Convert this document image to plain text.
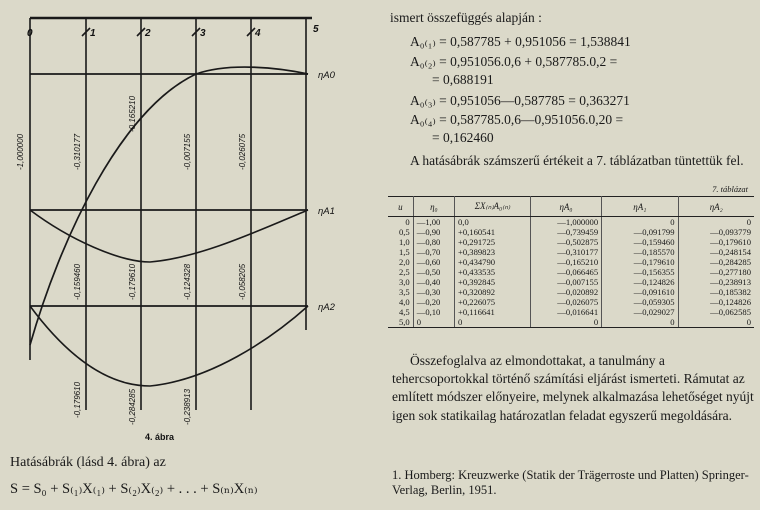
0	1	2	3	4	5
ηA0
ηA1
ηA2
-1,000000	-0,310177
-0,165210
-0,007155	-0,026075
-0,159460	-0,179610	-0,124328	-0,058205
-0,179610	-0,284285	-0,238913
4. ábra
Hatásábrák (lásd 4. ábra) az
S = S₀ + S₍₁₎X₍₁₎ + S₍₂₎X₍₂₎ + . . . + S₍ₙ₎X₍ₙ₎
ismert összefüggés alapján :
A₀₍₁₎ = 0,587785 + 0,951056 = 1,538841
A₀₍₂₎ = 0,951056.0,6 + 0,587785.0,2 =
= 0,688191
A₀₍₃₎ = 0,951056—0,587785 = 0,363271
A₀₍₄₎ = 0,587785.0,6—0,951056.0,20 =
= 0,162460
A hatásábrák számszerű értékeit a 7. táblázatban tüntettük fel.
7. táblázat
u	η₀	ΣX₍ₙ₎A₀₍ₙ₎	ηA₀	ηA₁	ηA₂
0	—1,00	0,0	—1,000000	0	0
0,5	—0,90	+0,160541	—0,739459	—0,091799	—0,093779
1,0	—0,80	+0,291725	—0,502875	—0,159460	—0,179610
1,5	—0,70	+0,389823	—0,310177	—0,185570	—0,248154
2,0	—0,60	+0,434790	—0,165210	—0,179610	—0,284285
2,5	—0,50	+0,433535	—0,066465	—0,156355	—0,277180
3,0	—0,40	+0,392845	—0,007155	—0,124826	—0,238913
3,5	—0,30	+0,320892	—0,020892	—0,091610	—0,185382
4,0	—0,20	+0,226075	—0,026075	—0,059305	—0,124826
4,5	—0,10	+0,116641	—0,016641	—0,029027	—0,062585
5,0	0	0	0	0	0
Összefoglalva az elmondottakat, a tanulmány a tehercsoportokkal történő számítási eljárást ismerteti. Rámutat az említett módszer előnyeire, melynek alkalmazása lehetőséget nyújt igen sok statikailag határozatlan feladat egyszerű megoldására.
1. Homberg: Kreuzwerke (Statik der Trägerroste und Platten) Springer-Verlag, Berlin, 1951.
